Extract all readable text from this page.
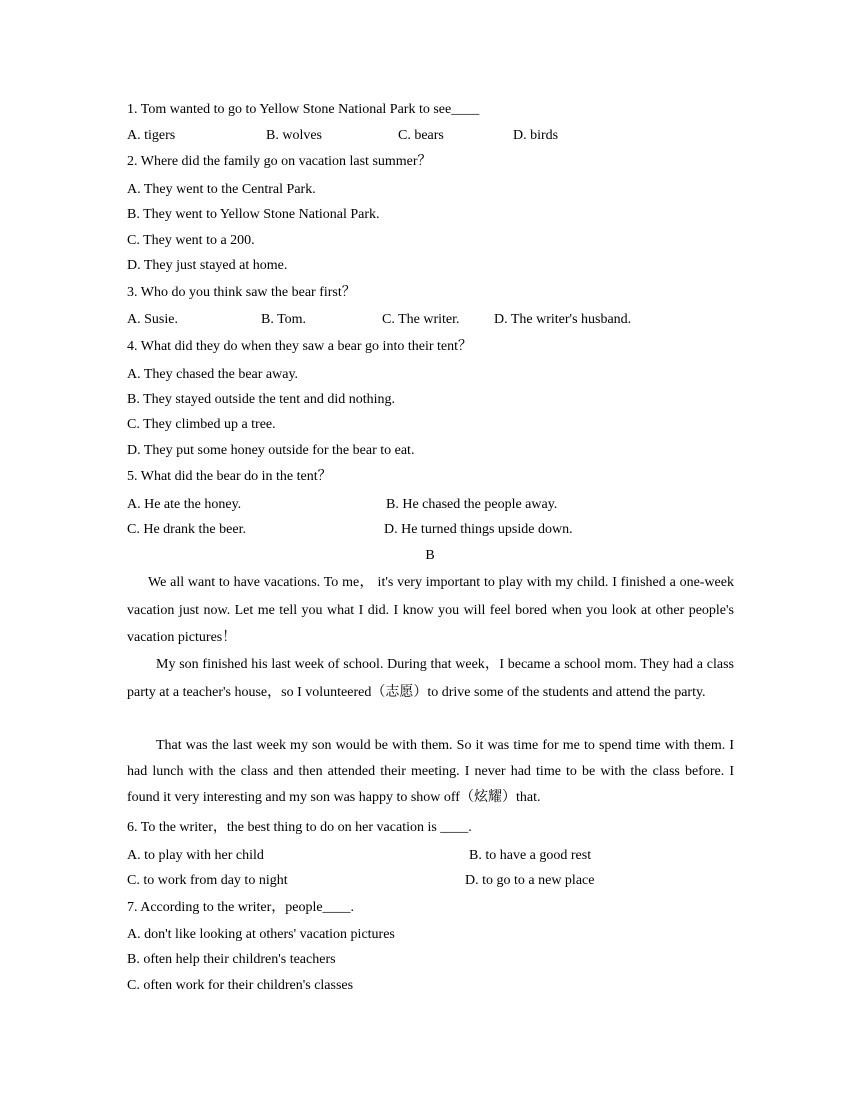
1. Tom wanted to go to Yellow Stone National Park to see____
A. tigers	B. wolves	C. bears	D. birds
2. Where did the family go on vacation last summer？
A. They went to the Central Park.
B. They went to Yellow Stone National Park.
C. They went to a 200.
D. They just stayed at home.
3. Who do you think saw the bear first？
A. Susie.	B. Tom.	C. The writer. D. The writer's husband.
4. What did they do when they saw a bear go into their tent？
A. They chased the bear away.
B. They stayed outside the tent and did nothing.
C. They climbed up a tree.
D. They put some honey outside for the bear to eat.
5. What did the bear do in the tent？
A. He ate the honey.	B. He chased the people away.
C. He drank the beer.	D. He turned things upside down.
B
We all want to have vacations. To me， it's very important to play with my child. I finished a one-week vacation just now. Let me tell you what I did. I know you will feel bored when you look at other people's vacation pictures！
My son finished his last week of school. During that week，I became a school mom. They had a class party at a teacher's house，so I volunteered（志愿）to drive some of the students and attend the party.
That was the last week my son would be with them. So it was time for me to spend time with them. I had lunch with the class and then attended their meeting. I never had time to be with the class before. I found it very interesting and my son was happy to show off（炫耀）that.
6. To the writer，the best thing to do on her vacation is ____.
A. to play with her child	B. to have a good rest
C. to work from day to night	D. to go to a new place
7. According to the writer，people____.
A. don't like looking at others' vacation pictures
B. often help their children's teachers
C. often work for their children's classes
